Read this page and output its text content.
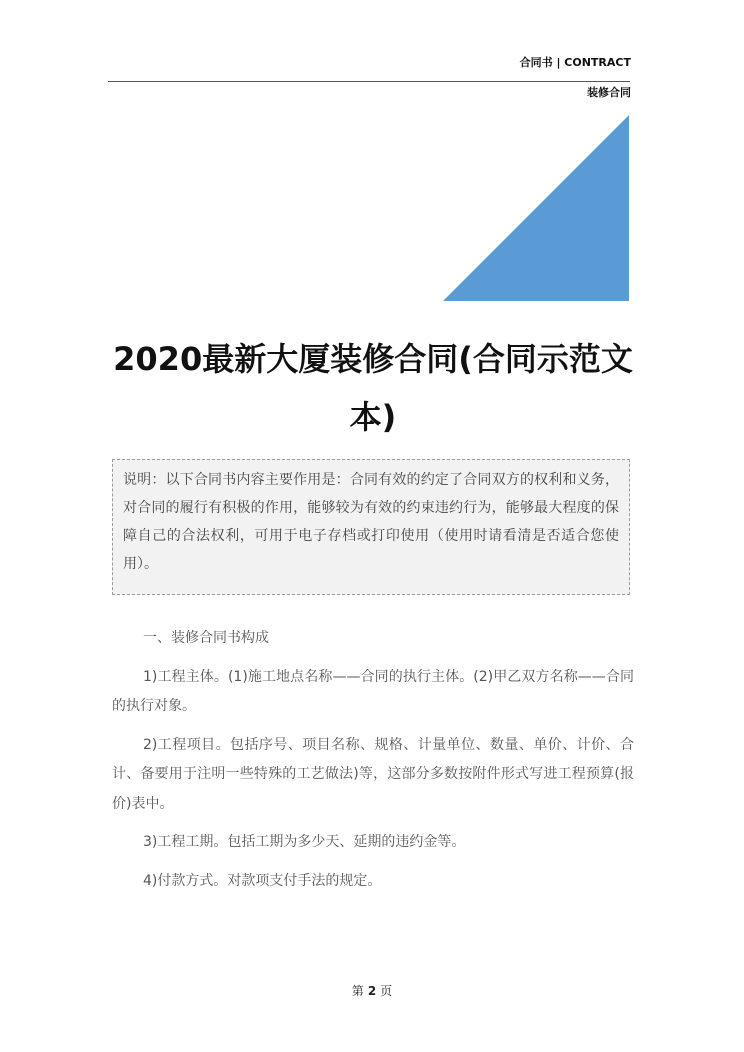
合同书 | CONTRACT
装修合同
2020最新大厦装修合同(合同示范文本)
说明：以下合同书内容主要作用是：合同有效的约定了合同双方的权利和义务，对合同的履行有积极的作用，能够较为有效的约束违约行为，能够最大程度的保障自己的合法权利，可用于电子存档或打印使用（使用时请看清是否适合您使用）。

一、装修合同书构成

1)工程主体。(1)施工地点名称——合同的执行主体。(2)甲乙双方名称——合同的执行对象。

2)工程项目。包括序号、项目名称、规格、计量单位、数量、单价、计价、合计、备要用于注明一些特殊的工艺做法)等，这部分多数按附件形式写进工程预算(报价)表中。

3)工程工期。包括工期为多少天、延期的违约金等。

4)付款方式。对款项支付手法的规定。

第 2 页
